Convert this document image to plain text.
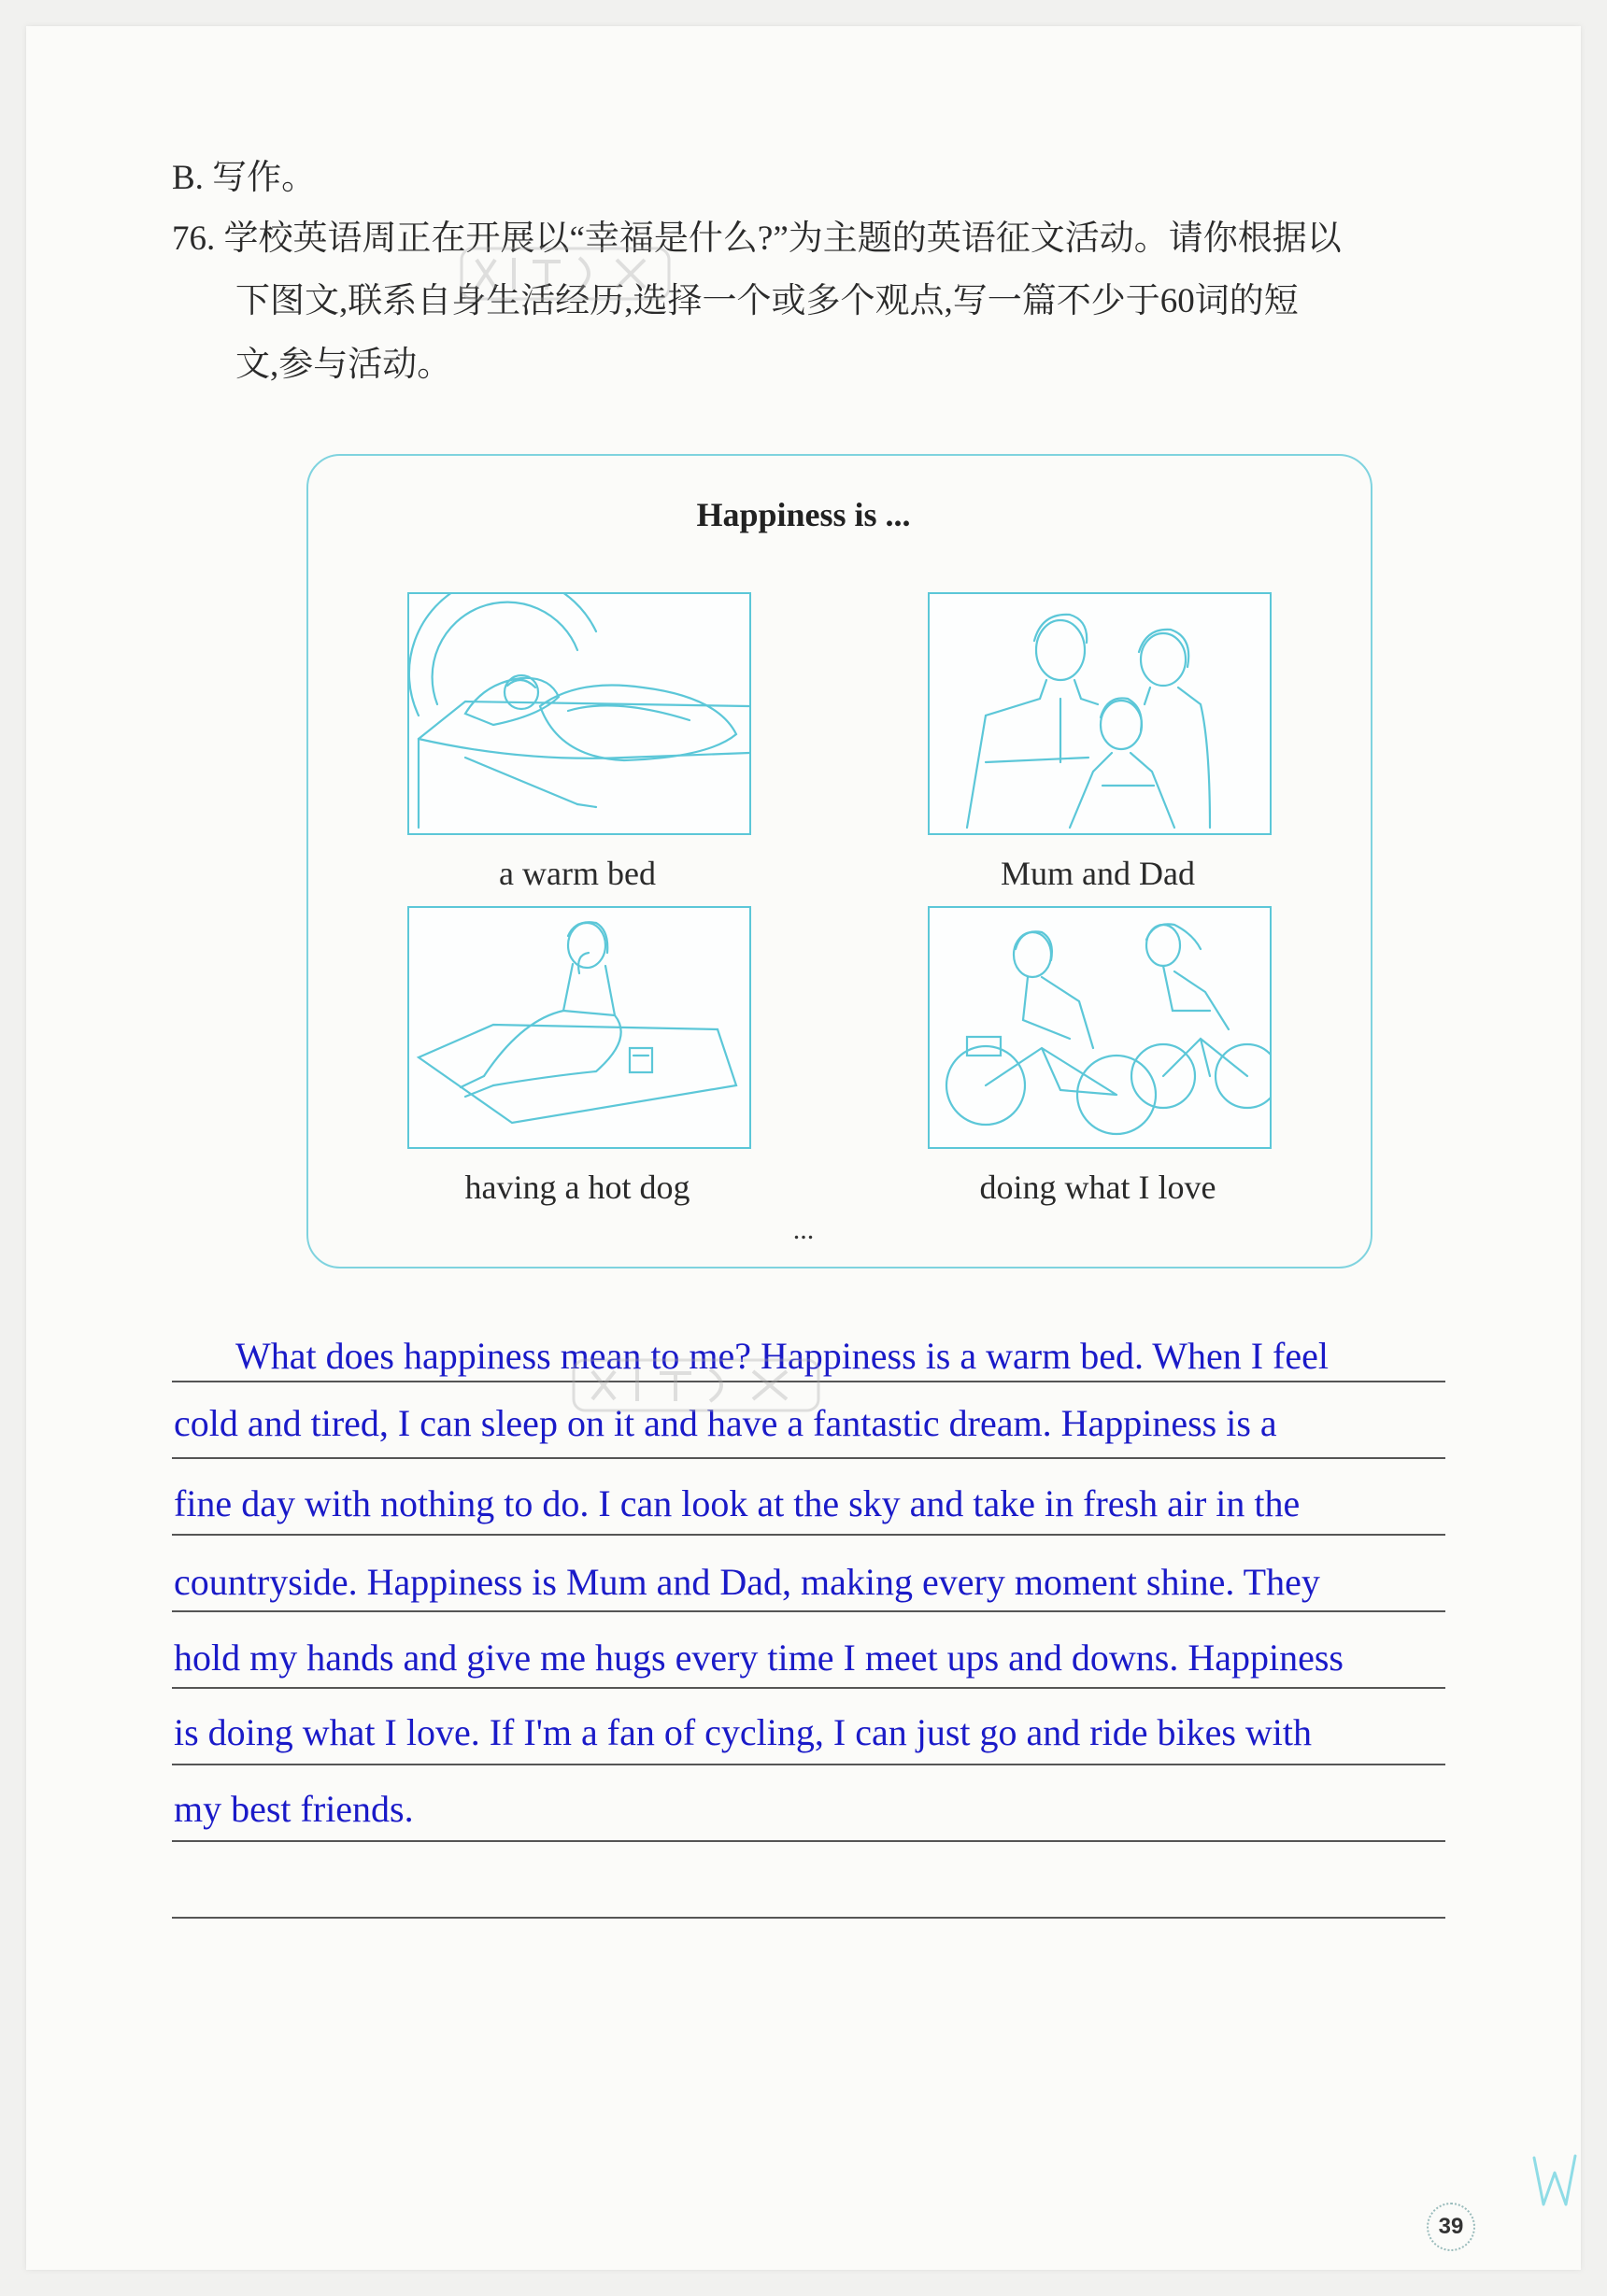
B. 写作。
76. 学校英语周正在开展以“幸福是什么?”为主题的英语征文活动。请你根据以
下图文,联系自身生活经历,选择一个或多个观点,写一篇不少于60词的短
文,参与活动。
Happiness is ...
a warm bed	Mum and Dad
having a hot dog	doing what I love
...
What does happiness mean to me? Happiness is a warm bed. When I feel
cold and tired, I can sleep on it and have a fantastic dream. Happiness is a
fine day with nothing to do. I can look at the sky and take in fresh air in the
countryside. Happiness is Mum and Dad, making every moment shine. They
hold my hands and give me hugs every time I meet ups and downs. Happiness
is doing what I love. If I'm a fan of cycling, I can just go and ride bikes with
my best friends.
39
